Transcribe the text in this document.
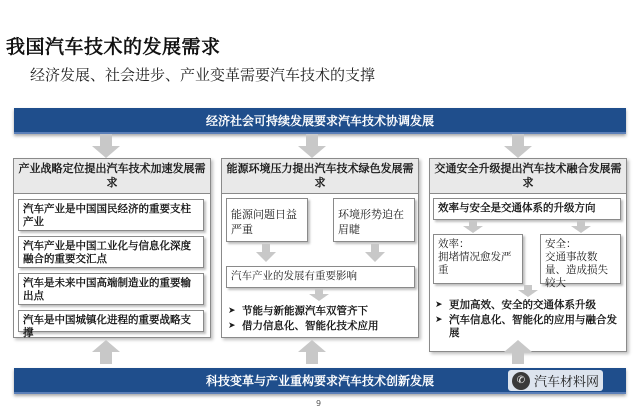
我国汽车技术的发展需求
经济发展、社会进步、产业变革需要汽车技术的支撑
经济社会可持续发展要求汽车技术协调发展
产业战略定位提出汽车技术加速发展需求
汽车产业是中国国民经济的重要支柱产业
汽车产业是中国工业化与信息化深度融合的重要交汇点
汽车是未来中国高端制造业的重要输出点
汽车是中国城镇化进程的重要战略支撑
能源环境压力提出汽车技术绿色发展需求
能源问题日益严重
环境形势迫在眉睫
汽车产业的发展有重要影响
➤ 节能与新能源汽车双管齐下
➤ 借力信息化、智能化技术应用
交通安全升级提出汽车技术融合发展需求
效率与安全是交通体系的升级方向
效率：
拥堵情况愈发严重
安全：
交通事故数量、造成损失较大
➤ 更加高效、安全的交通体系升级
➤ 汽车信息化、智能化的应用与融合发展
科技变革与产业重构要求汽车技术创新发展
9
✆ 汽车材料网
